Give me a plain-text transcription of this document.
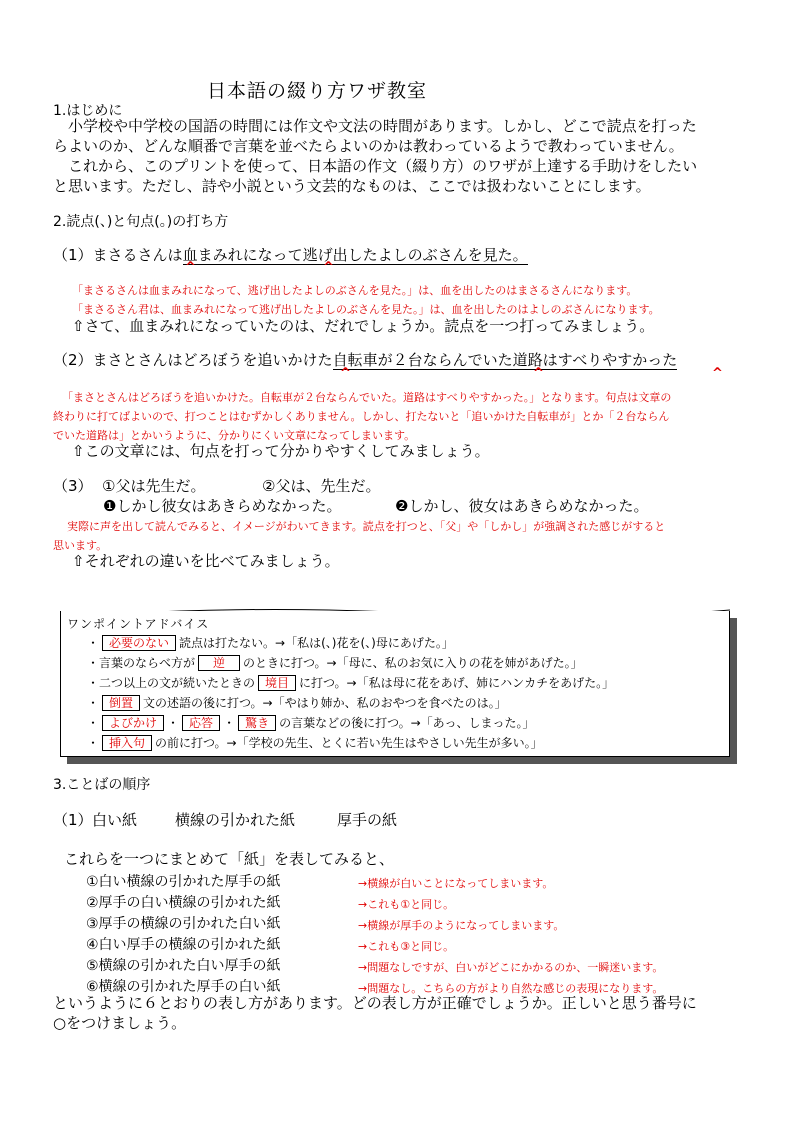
日本語の綴り方ワザ教室
1.はじめに
　小学校や中学校の国語の時間には作文や文法の時間があります。しかし、どこで読点を打った
らよいのか、どんな順番で言葉を並べたらよいのかは教わっているようで教わっていません。
　これから、このプリントを使って、日本語の作文（綴り方）のワザが上達する手助けをしたい
と思います。ただし、詩や小説という文芸的なものは、ここでは扱わないことにします。
2.読点(、)と句点(。)の打ち方
（1）まさるさんは血まみれになって逃げ出したよしのぶさんを見た。
^	^
「まさるさんは血まみれになって、逃げ出したよしのぶさんを見た。」は、血を出したのはまさるさんになります。
「まさるさん君は、血まみれになって逃げ出したよしのぶさんを見た。」は、血を出したのはよしのぶさんになります。
⇧さて、血まみれになっていたのは、だれでしょうか。読点を一つ打ってみましょう。
（2）まさとさんはどろぼうを追いかけた自転車が２台ならんでいた道路はすべりやすかった
^	^	^
「まさとさんはどろぼうを追いかけた。自転車が２台ならんでいた。道路はすべりやすかった。」となります。句点は文章の
終わりに打てばよいので、打つことはむずかしくありません。しかし、打たないと「追いかけた自転車が」とか「２台ならん
でいた道路は」とかいうように、分かりにくい文章になってしまいます。
⇧この文章には、句点を打って分かりやすくしてみましょう。
（3） ①父は先生だ。	②父は、先生だ。
❶しかし彼女はあきらめなかった。	❷しかし、彼女はあきらめなかった。
実際に声を出して読んでみると、イメージがわいてきます。読点を打つと、「父」や「しかし」が強調された感じがすると
思います。
⇧それぞれの違いを比べてみましょう。
ワンポイントアドバイス
・ 必要のない 読点は打たない。→「私は(、)花を(、)母にあげた。」
・言葉のならべ方が 逆 のときに打つ。→「母に、私のお気に入りの花を姉があげた。」
・二つ以上の文が続いたときの 境目 に打つ。→「私は母に花をあげ、姉にハンカチをあげた。」
・ 倒置 文の述語の後に打つ。→「やはり姉か、私のおやつを食べたのは。」
・ よびかけ ・ 応答 ・ 驚き の言葉などの後に打つ。→「あっ、しまった。」
・ 挿入句 の前に打つ。→「学校の先生、とくに若い先生はやさしい先生が多い。」
3.ことばの順序
（1） 白い紙	横線の引かれた紙	厚手の紙
これらを一つにまとめて「紙」を表してみると、
①白い横線の引かれた厚手の紙	→横線が白いことになってしまいます。
②厚手の白い横線の引かれた紙	→これも①と同じ。
③厚手の横線の引かれた白い紙	→横線が厚手のようになってしまいます。
④白い厚手の横線の引かれた紙	→これも③と同じ。
⑤横線の引かれた白い厚手の紙	→問題なしですが、白いがどこにかかるのか、一瞬迷います。
⑥横線の引かれた厚手の白い紙	→問題なし。こちらの方がより自然な感じの表現になります。
というように６とおりの表し方があります。どの表し方が正確でしょうか。正しいと思う番号に
○をつけましょう。
